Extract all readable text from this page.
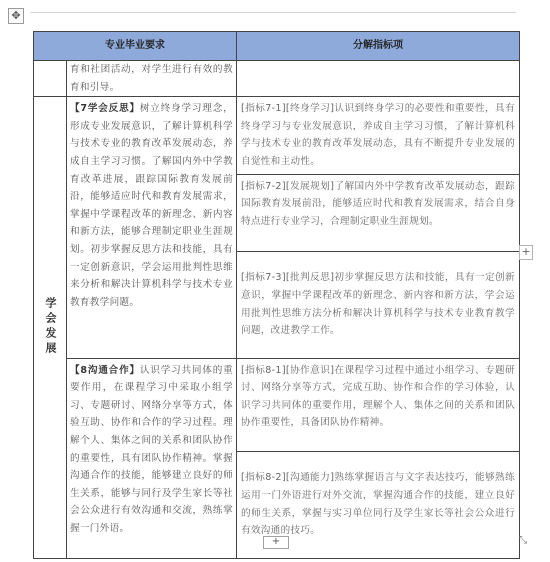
✥
专业毕业要求		分解指标项
	育和社团活动，对学生进行有效的教育和引导。	

学会发展	【7学会反思】树立终身学习理念，形成专业发展意识，了解计算机科学与技术专业的教育改革发展动态，养成自主学习习惯。了解国内外中学教育改革进展，跟踪国际教育发展前沿，能够适应时代和教育发展需求，掌握中学课程改革的新理念、新内容和新方法，能够合理制定职业生涯规划。初步掌握反思方法和技能，具有一定创新意识，学会运用批判性思维来分析和解决计算机科学与技术专业教育教学问题。	[指标7-1][终身学习]认识到终身学习的必要性和重要性，具有终身学习与专业发展意识，养成自主学习习惯，了解计算机科学与技术专业的教育改革发展动态，具有不断提升专业发展的自觉性和主动性。
		[指标7-2][发展规划]了解国内外中学教育改革发展动态，跟踪国际教育发展前沿，能够适应时代和教育发展需求，结合自身特点进行专业学习，合理制定职业生涯规划。
		[指标7-3][批判反思]初步掌握反思方法和技能，具有一定创新意识，掌握中学课程改革的新理念、新内容和新方法，学会运用批判性思维方法分析和解决计算机科学与技术专业教育教学问题，改进教学工作。
	【8沟通合作】认识学习共同体的重要作用，在课程学习中采取小组学习、专题研讨、网络分享等方式，体验互助、协作和合作的学习过程。理解个人、集体之间的关系和团队协作的重要性，具有团队协作精神。掌握沟通合作的技能，能够建立良好的师生关系，能够与同行及学生家长等社会公众进行有效沟通和交流，熟练掌握一门外语。	[指标8-1][协作意识]在课程学习过程中通过小组学习、专题研讨、网络分享等方式，完成互助、协作和合作的学习体验，认识学习共同体的重要作用，理解个人、集体之间的关系和团队协作重要性，具备团队协作精神。
		[指标8-2][沟通能力]熟练掌握语言与文字表达技巧，能够熟练运用一门外语进行对外交流，掌握沟通合作的技能，建立良好的师生关系，掌握与实习单位同行及学生家长等社会公众进行有效沟通的技巧。
+
+	⤡
